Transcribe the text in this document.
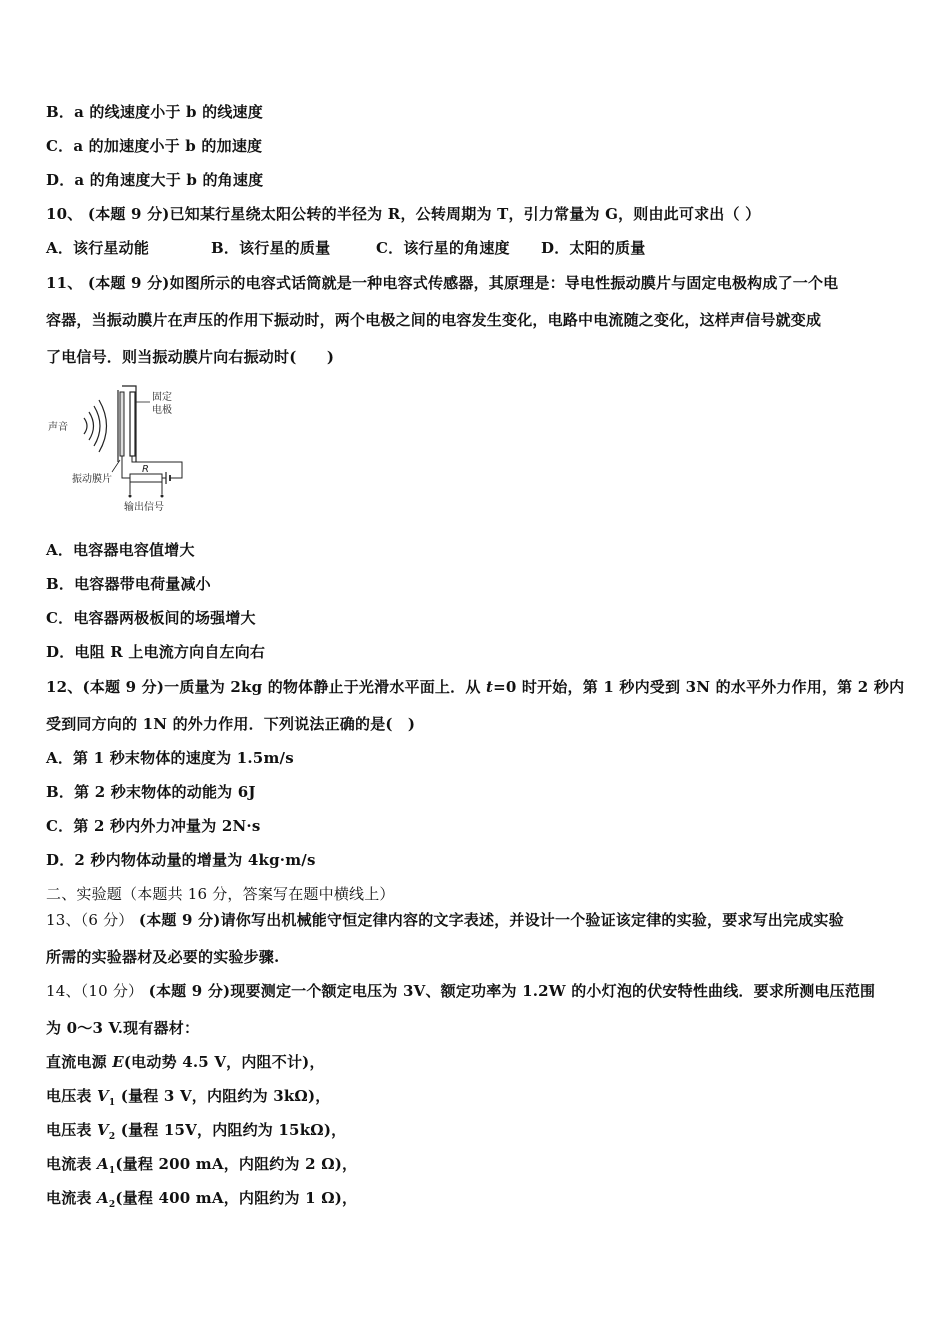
B．a 的线速度小于 b 的线速度
C．a 的加速度小于 b 的加速度
D．a 的角速度大于 b 的角速度
10、 (本题 9 分)已知某行星绕太阳公转的半径为 R，公转周期为 T，引力常量为 G，则由此可求出（ ）
A．该行星动能	B．该行星的质量	C．该行星的角速度 D．太阳的质量
11、 (本题 9 分)如图所示的电容式话筒就是一种电容式传感器，其原理是：导电性振动膜片与固定电极构成了一个电
容器，当振动膜片在声压的作用下振动时，两个电极之间的电容发生变化，电路中电流随之变化，这样声信号就变成
了电信号．则当振动膜片向右振动时(　　)
声音
固定
电极
R
振动膜片
输出信号
A．电容器电容值增大
B．电容器带电荷量减小
C．电容器两极板间的场强增大
D．电阻 R 上电流方向自左向右
12、(本题 9 分)一质量为 2kg 的物体静止于光滑水平面上．从 t=0 时开始，第 1 秒内受到 3N 的水平外力作用，第 2 秒内
受到同方向的 1N 的外力作用．下列说法正确的是(　)
A．第 1 秒末物体的速度为 1.5m/s
B．第 2 秒末物体的动能为 6J
C．第 2 秒内外力冲量为 2N·s
D．2 秒内物体动量的增量为 4kg·m/s
二、实验题（本题共 16 分，答案写在题中横线上）
13、（6 分） (本题 9 分)请你写出机械能守恒定律内容的文字表述，并设计一个验证该定律的实验，要求写出完成实验
所需的实验器材及必要的实验步骤.
14、（10 分） (本题 9 分)现要测定一个额定电压为 3V、额定功率为 1.2W 的小灯泡的伏安特性曲线．要求所测电压范围
为 0～3 V.现有器材：
直流电源 E(电动势 4.5 V，内阻不计)，
电压表 $V_1$ (量程 3 V，内阻约为 3kΩ)，
电压表 $V_2$ (量程 15V，内阻约为 15kΩ)，
电流表 $A_1$(量程 200 mA，内阻约为 2 Ω)，
电流表 $A_2$(量程 400 mA，内阻约为 1 Ω)，
